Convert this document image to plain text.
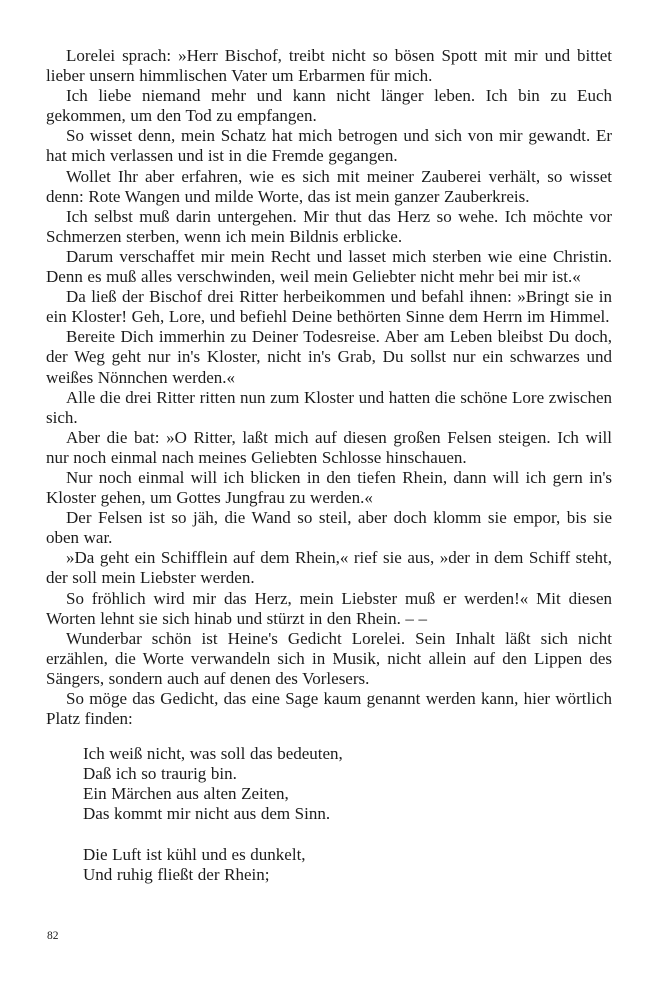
Lorelei sprach: »Herr Bischof, treibt nicht so bösen Spott mit mir und bittet lieber unsern himmlischen Vater um Erbarmen für mich.

Ich liebe niemand mehr und kann nicht länger leben. Ich bin zu Euch gekommen, um den Tod zu empfangen.

So wisset denn, mein Schatz hat mich betrogen und sich von mir gewandt. Er hat mich verlassen und ist in die Fremde gegangen.

Wollet Ihr aber erfahren, wie es sich mit meiner Zauberei verhält, so wisset denn: Rote Wangen und milde Worte, das ist mein ganzer Zauberkreis.

Ich selbst muß darin untergehen. Mir thut das Herz so wehe. Ich möchte vor Schmerzen sterben, wenn ich mein Bildnis erblicke.

Darum verschaffet mir mein Recht und lasset mich sterben wie eine Christin. Denn es muß alles verschwinden, weil mein Geliebter nicht mehr bei mir ist.«

Da ließ der Bischof drei Ritter herbeikommen und befahl ihnen: »Bringt sie in ein Kloster! Geh, Lore, und befiehl Deine bethörten Sinne dem Herrn im Himmel.

Bereite Dich immerhin zu Deiner Todesreise. Aber am Leben bleibst Du doch, der Weg geht nur in's Kloster, nicht in's Grab, Du sollst nur ein schwarzes und weißes Nönnchen werden.«

Alle die drei Ritter ritten nun zum Kloster und hatten die schöne Lore zwischen sich.

Aber die bat: »O Ritter, laßt mich auf diesen großen Felsen steigen. Ich will nur noch einmal nach meines Geliebten Schlosse hinschauen.

Nur noch einmal will ich blicken in den tiefen Rhein, dann will ich gern in's Kloster gehen, um Gottes Jungfrau zu werden.«

Der Felsen ist so jäh, die Wand so steil, aber doch klomm sie empor, bis sie oben war.

»Da geht ein Schifflein auf dem Rhein,« rief sie aus, »der in dem Schiff steht, der soll mein Liebster werden.

So fröhlich wird mir das Herz, mein Liebster muß er werden!« Mit diesen Worten lehnt sie sich hinab und stürzt in den Rhein. – –

Wunderbar schön ist Heine's Gedicht Lorelei. Sein Inhalt läßt sich nicht erzählen, die Worte verwandeln sich in Musik, nicht allein auf den Lippen des Sängers, sondern auch auf denen des Vorlesers.

So möge das Gedicht, das eine Sage kaum genannt werden kann, hier wörtlich Platz finden:

Ich weiß nicht, was soll das bedeuten,
Daß ich so traurig bin.
Ein Märchen aus alten Zeiten,
Das kommt mir nicht aus dem Sinn.
Die Luft ist kühl und es dunkelt,
Und ruhig fließt der Rhein;
82
